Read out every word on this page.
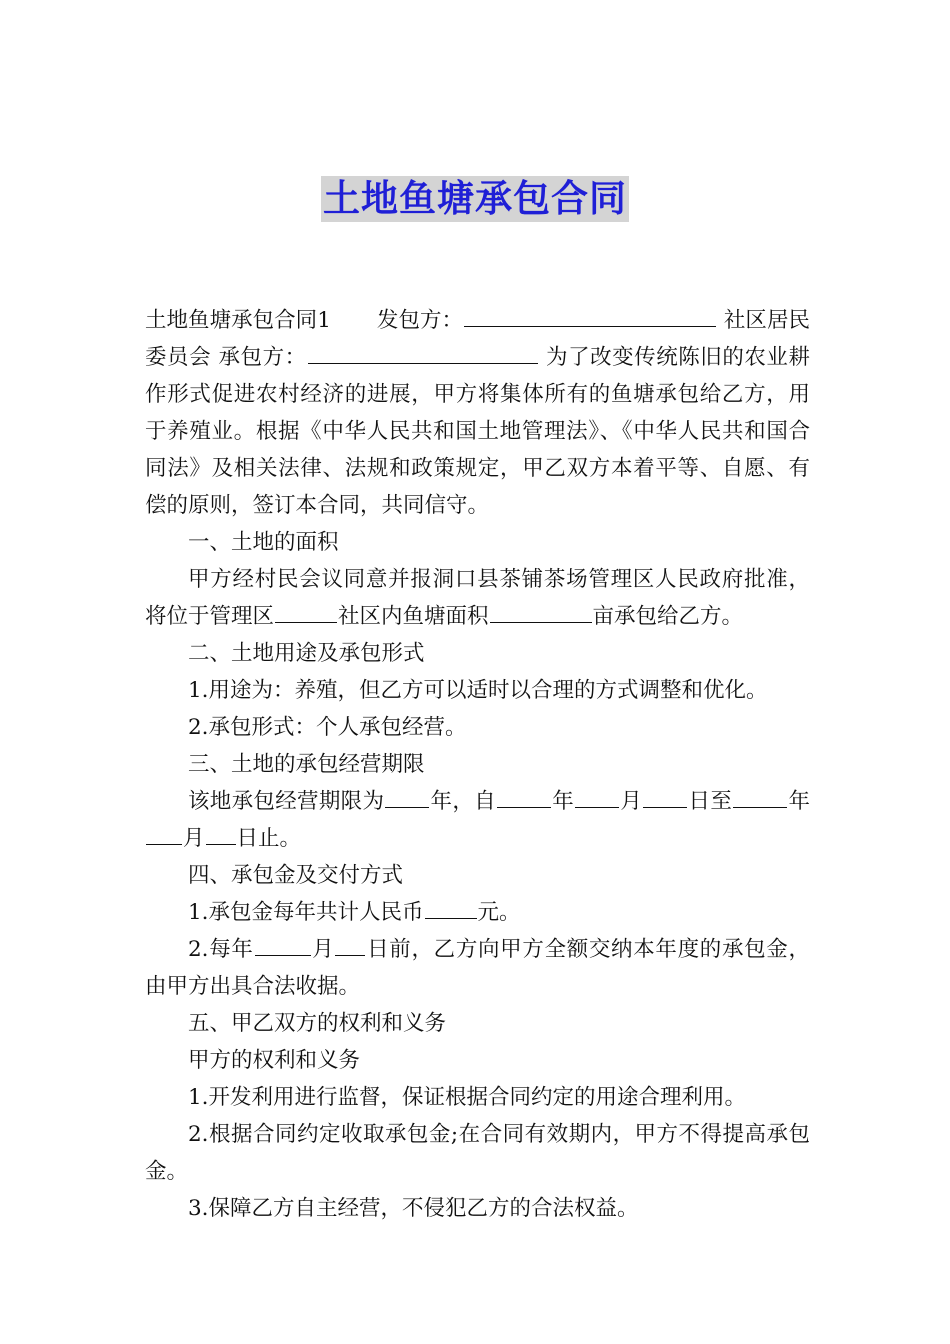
土地鱼塘承包合同

土地鱼塘承包合同1 发包方：	社区居民委员会 承包方：	为了改变传统陈旧的农业耕作形式促进农村经济的进展，甲方将集体所有的鱼塘承包给乙方，用于养殖业。根据《中华人民共和国土地管理法》、《中华人民共和国合同法》及相关法律、法规和政策规定，甲乙双方本着平等、自愿、有偿的原则，签订本合同，共同信守。

一、土地的面积

甲方经村民会议同意并报洞口县茶铺茶场管理区人民政府批准，将位于管理区	社区内鱼塘面积	亩承包给乙方。

二、土地用途及承包形式

1.用途为：养殖，但乙方可以适时以合理的方式调整和优化。

2.承包形式：个人承包经营。

三、土地的承包经营期限

该地承包经营期限为 年，自	年 月 日至	年月 日止。

四、承包金及交付方式

1.承包金每年共计人民币	元。

2.每年	月 日前，乙方向甲方全额交纳本年度的承包金，由甲方出具合法收据。

五、甲乙双方的权利和义务

甲方的权利和义务

1.开发利用进行监督，保证根据合同约定的用途合理利用。

2.根据合同约定收取承包金;在合同有效期内，甲方不得提高承包金。

3.保障乙方自主经营，不侵犯乙方的合法权益。
